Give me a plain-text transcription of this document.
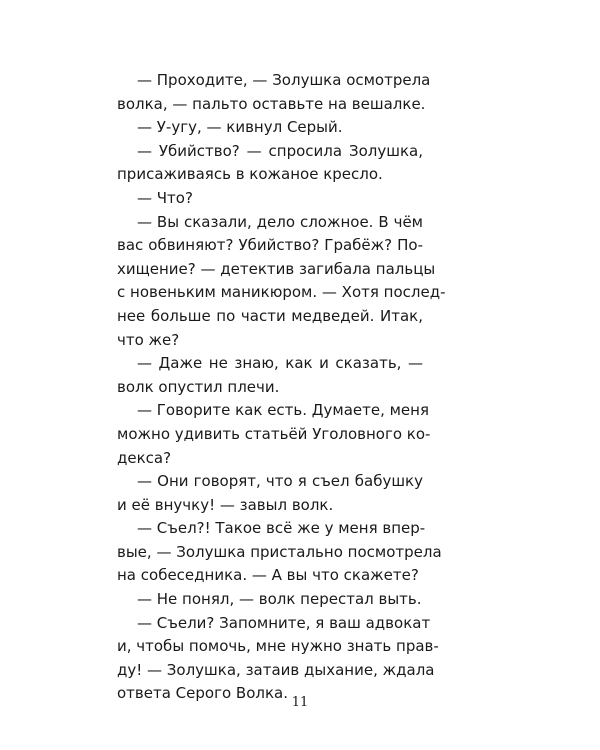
— Проходите, — Золушка осмотрела
волка, — пальто оставьте на вешалке.
— У-угу, — кивнул Серый.
— Убийство? — спросила Золушка,
присаживаясь в кожаное кресло.
— Что?
— Вы сказали, дело сложное. В чём
вас обвиняют? Убийство? Грабёж? По-
хищение? — детектив загибала пальцы
с новеньким маникюром. — Хотя послед-
нее больше по части медведей. Итак,
что же?
— Даже не знаю, как и сказать, —
волк опустил плечи.
— Говорите как есть. Думаете, меня
можно удивить статьёй Уголовного ко-
декса?
— Они говорят, что я съел бабушку
и её внучку! — завыл волк.
— Съел?! Такое всё же у меня впер-
вые, — Золушка пристально посмотрела
на собеседника. — А вы что скажете?
— Не понял, — волк перестал выть.
— Съели? Запомните, я ваш адвокат
и, чтобы помочь, мне нужно знать прав-
ду! — Золушка, затаив дыхание, ждала
ответа Серого Волка.
11
